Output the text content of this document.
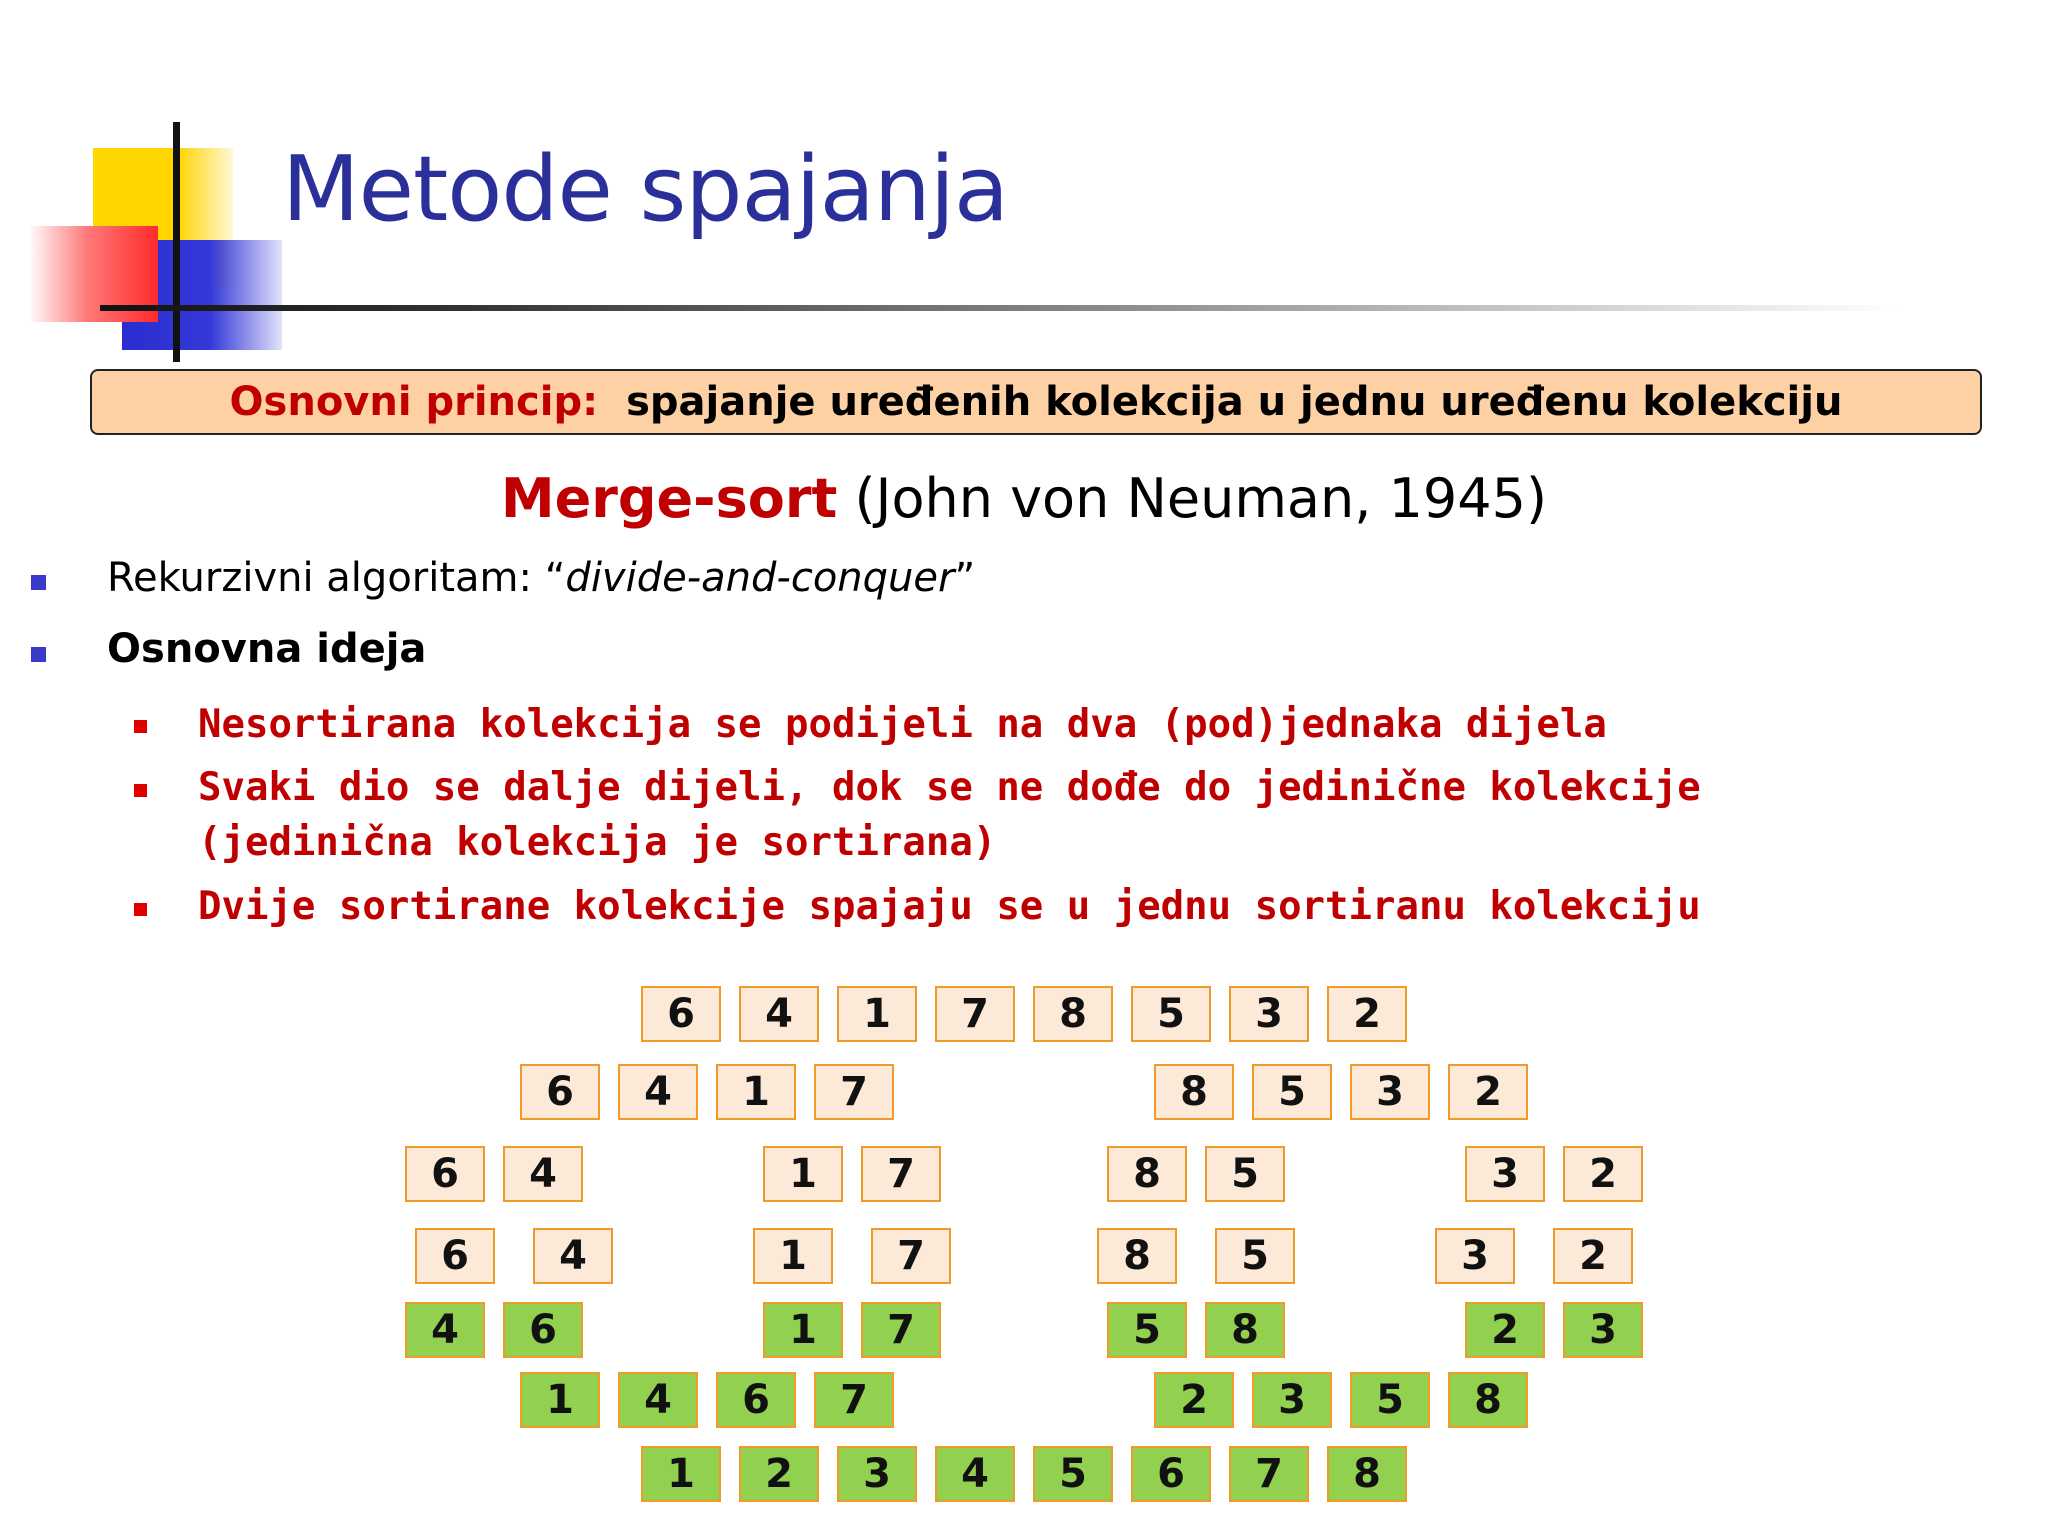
Metode spajanja
Osnovni princip: spajanje uređenih kolekcija u jednu uređenu kolekciju
Merge-sort (John von Neuman, 1945)
Rekurzivni algoritam: “divide-and-conquer”
Osnovna ideja
Nesortirana kolekcija se podijeli na dva (pod)jednaka dijela
Svaki dio se dalje dijeli, dok se ne dođe do jedinične kolekcije
(jedinična kolekcija je sortirana)
Dvije sortirane kolekcije spajaju se u jednu sortiranu kolekciju
6	4	1	7	8	5	3	2
6	4	1	7	8	5	3	2
6	4	1	7	8	5	3	2
6	4	1	7	8	5	3	2
4	6	1	7	5	8	2	3
1	4	6	7	2	3	5	8
1	2	3	4	5	6	7	8
